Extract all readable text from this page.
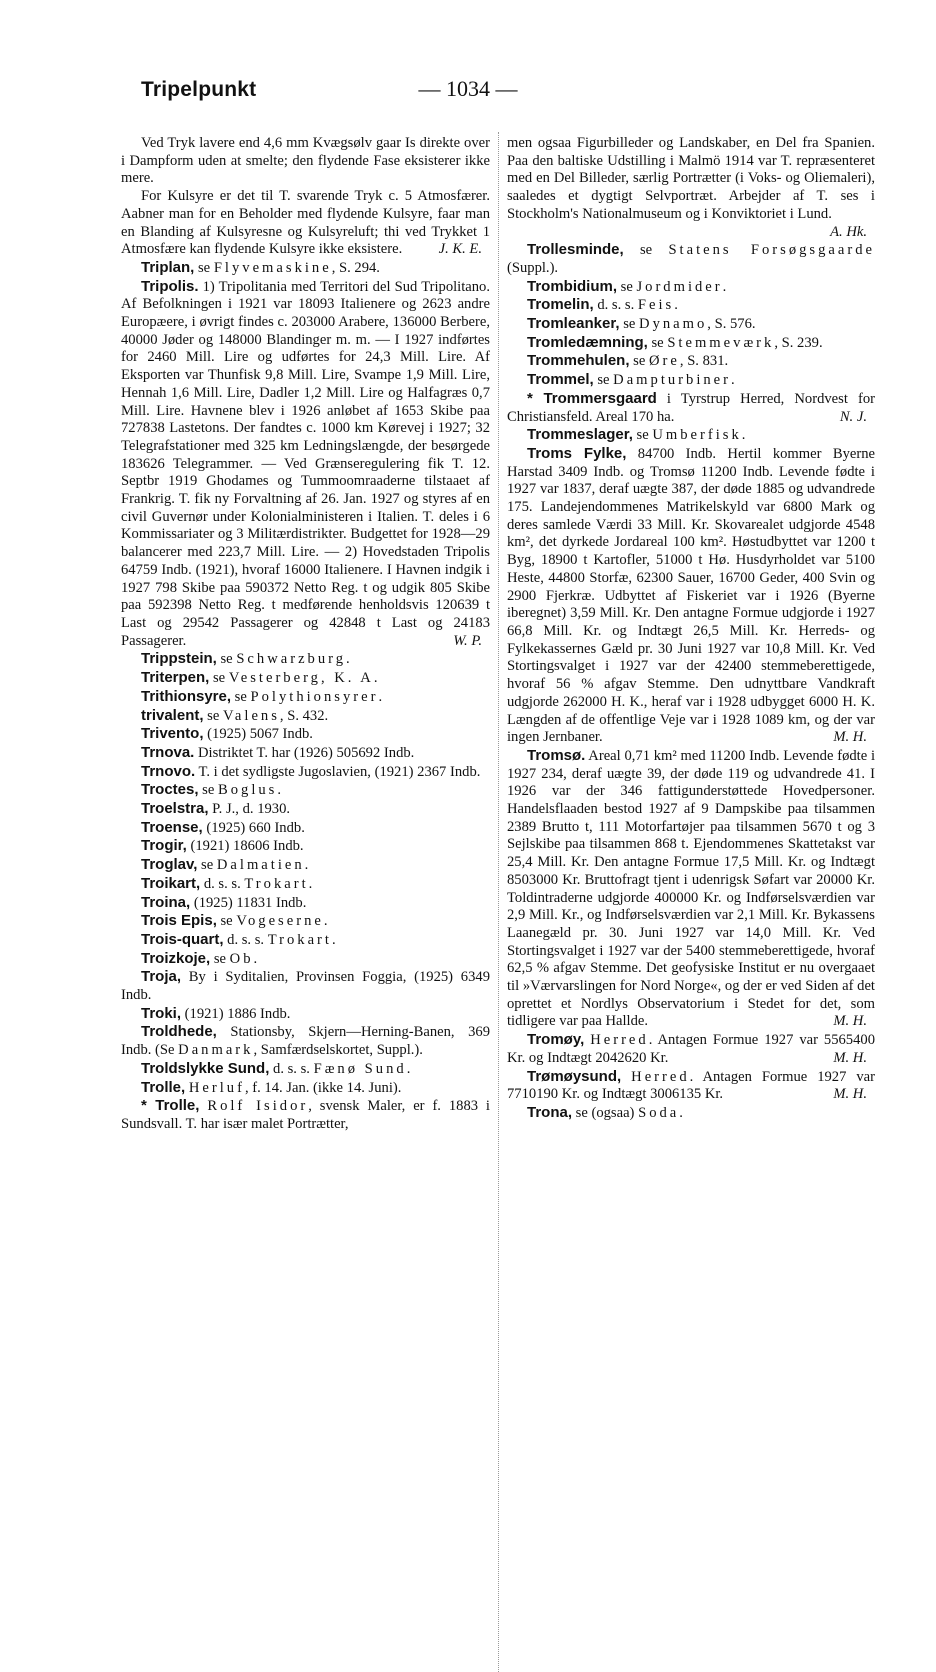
— 1034 —
Tripelpunkt

Ved Tryk lavere end 4,6 mm Kvægsølv gaar Is direkte over i Dampform uden at smelte; den flydende Fase eksisterer ikke mere.

For Kulsyre er det til T. svarende Tryk c. 5 Atmosfærer. Aabner man for en Beholder med flydende Kulsyre, faar man en Blanding af Kulsyresne og Kulsyreluft; thi ved Trykket 1 Atmosfære kan flydende Kulsyre ikke eksistere.	J. K. E.

Triplan, se Flyvemaskine, S. 294.

Tripolis. 1) Tripolitania med Territori del Sud Tripolitano. Af Befolkningen i 1921 var 18093 Italienere og 2623 andre Europæere, i øvrigt findes c. 203000 Arabere, 136000 Berbere, 40000 Jøder og 148000 Blandinger m. m. — I 1927 indførtes for 2460 Mill. Lire og udførtes for 24,3 Mill. Lire. Af Eksporten var Thunfisk 9,8 Mill. Lire, Svampe 1,9 Mill. Lire, Hennah 1,6 Mill. Lire, Dadler 1,2 Mill. Lire og Halfagræs 0,7 Mill. Lire. Havnene blev i 1926 anløbet af 1653 Skibe paa 727838 Lastetons. Der fandtes c. 1000 km Kørevej i 1927; 32 Telegrafstationer med 325 km Ledningslængde, der besørgede 183626 Telegrammer. — Ved Grænseregulering fik T. 12. Septbr 1919 Ghodames og Tummoomraaderne tilstaaet af Frankrig. T. fik ny Forvaltning af 26. Jan. 1927 og styres af en civil Guvernør under Kolonialministeren i Italien. T. deles i 6 Kommissariater og 3 Militærdistrikter. Budgettet for 1928—29 balancerer med 223,7 Mill. Lire. — 2) Hovedstaden Tripolis 64759 Indb. (1921), hvoraf 16000 Italienere. I Havnen indgik i 1927 798 Skibe paa 590372 Netto Reg. t og udgik 805 Skibe paa 592398 Netto Reg. t medførende henholdsvis 120639 t Last og 29542 Passagerer og 42848 t Last og 24183 Passagerer.	W. P.

Trippstein, se Schwarzburg.

Triterpen, se Vesterberg, K. A.

Trithionsyre, se Polythionsyrer.

trivalent, se Valens, S. 432.

Trivento, (1925) 5067 Indb.

Trnova. Distriktet T. har (1926) 505692 Indb.

Trnovo. T. i det sydligste Jugoslavien, (1921) 2367 Indb.

Troctes, se Boglus.

Troelstra, P. J., d. 1930.

Troense, (1925) 660 Indb.

Trogir, (1921) 18606 Indb.

Troglav, se Dalmatien.

Troikart, d. s. s. Trokart.

Troina, (1925) 11831 Indb.

Trois Epis, se Vogeserne.

Trois-quart, d. s. s. Trokart.

Troizkoje, se Ob.

Troja, By i Syditalien, Provinsen Foggia, (1925) 6349 Indb.

Troki, (1921) 1886 Indb.

Troldhede, Stationsby, Skjern—Herning-Banen, 369 Indb. (Se Danmark, Samfærdselskortet, Suppl.).

Troldslykke Sund, d. s. s. Fænø Sund.

Trolle, Herluf, f. 14. Jan. (ikke 14. Juni).

* Trolle, Rolf Isidor, svensk Maler, er f. 1883 i Sundsvall. T. har især malet Portrætter,

men ogsaa Figurbilleder og Landskaber, en Del fra Spanien. Paa den baltiske Udstilling i Malmö 1914 var T. repræsenteret med en Del Billeder, særlig Portrætter (i Voks- og Oliemaleri), saaledes et dygtigt Selvportræt. Arbejder af T. ses i Stockholm's Nationalmuseum og i Konviktoriet i Lund.
A. Hk.

Trollesminde, se Statens Forsøgsgaarde (Suppl.).

Trombidium, se Jordmider.

Tromelin, d. s. s. Feis.

Tromleanker, se Dynamo, S. 576.

Tromledæmning, se Stemmeværk, S. 239.

Trommehulen, se Øre, S. 831.

Trommel, se Dampturbiner.

* Trommersgaard i Tyrstrup Herred, Nordvest for Christiansfeld. Areal 170 ha.	N. J.

Trommeslager, se Umberfisk.

Troms Fylke, 84700 Indb. Hertil kommer Byerne Harstad 3409 Indb. og Tromsø 11200 Indb. Levende fødte i 1927 var 1837, deraf uægte 387, der døde 1885 og udvandrede 175. Landejendommenes Matrikelskyld var 6800 Mark og deres samlede Værdi 33 Mill. Kr. Skovarealet udgjorde 4548 km², det dyrkede Jordareal 100 km². Høstudbyttet var 1200 t Byg, 18900 t Kartofler, 51000 t Hø. Husdyrholdet var 5100 Heste, 44800 Storfæ, 62300 Sauer, 16700 Geder, 400 Svin og 2900 Fjerkræ. Udbyttet af Fiskeriet var i 1926 (Byerne iberegnet) 3,59 Mill. Kr. Den antagne Formue udgjorde i 1927 66,8 Mill. Kr. og Indtægt 26,5 Mill. Kr. Herreds- og Fylkekassernes Gæld pr. 30 Juni 1927 var 10,8 Mill. Kr. Ved Stortingsvalget i 1927 var der 42400 stemmeberettigede, hvoraf 56 % afgav Stemme. Den udnyttbare Vandkraft udgjorde 262000 H. K., heraf var i 1928 udbygget 6000 H. K. Længden af de offentlige Veje var i 1928 1089 km, og der var ingen Jernbaner.	M. H.

Tromsø. Areal 0,71 km² med 11200 Indb. Levende fødte i 1927 234, deraf uægte 39, der døde 119 og udvandrede 41. I 1926 var der 346 fattigunderstøttede Hovedpersoner. Handelsflaaden bestod 1927 af 9 Dampskibe paa tilsammen 2389 Brutto t, 111 Motorfartøjer paa tilsammen 5670 t og 3 Sejlskibe paa tilsammen 868 t. Ejendommenes Skattetakst var 25,4 Mill. Kr. Den antagne Formue 17,5 Mill. Kr. og Indtægt 8503000 Kr. Bruttofragt tjent i udenrigsk Søfart var 20000 Kr. Toldintraderne udgjorde 400000 Kr. og Indførselsværdien var 2,9 Mill. Kr., og Indførselsværdien var 2,1 Mill. Kr. Bykassens Laanegæld pr. 30. Juni 1927 var 14,0 Mill. Kr. Ved Stortingsvalget i 1927 var der 5400 stemmeberettigede, hvoraf 62,5 % afgav Stemme. Det geofysiske Institut er nu overgaaet til »Værvarslingen for Nord Norge«, og der er ved Siden af det oprettet et Nordlys Observatorium i Stedet for det, som tidligere var paa Hallde.	M. H.

Tromøy, Herred. Antagen Formue 1927 var 5565400 Kr. og Indtægt 2042620 Kr.	M. H.

Trømøysund, Herred. Antagen Formue 1927 var 7710190 Kr. og Indtægt 3006135 Kr.	M. H.

Trona, se (ogsaa) Soda.
